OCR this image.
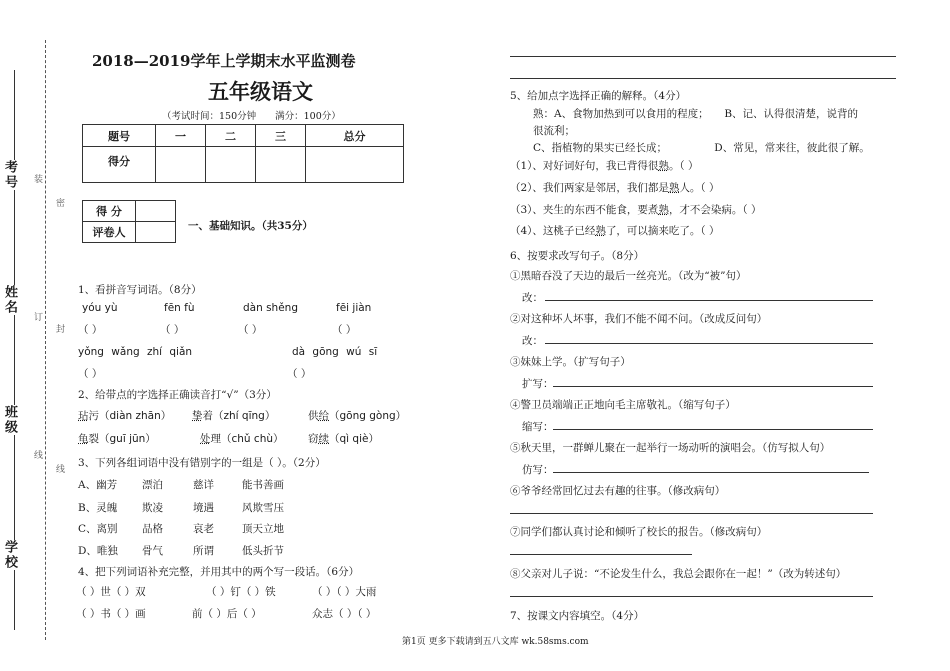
考号
姓名
班级
学校
装
密
订
封
线
线
2018—2019学年上学期末水平监测卷
五年级语文
（考试时间：150分钟　　满分：100分）
题号	一	二	三	总分
得分				
得 分	
评卷人		一、基础知识。（共35分）
1、看拼音写词语。（8分）
yóu yù	fēn fù	dàn shěng	fēi jiàn
（ ）	（ ）	（ ）	（ ）
yǒng wǎng zhí qiǎn	dà gōng wú sī
（ ）	（ ）
2、给带点的字选择正确读音打“√”（3分）
玷污（diàn zhān） 挚着（zhí qīng）	供给（gōng gòng）
龟裂（guī jūn）	处理（chǔ chù） 窃续（qì qiè）
3、下列各组词语中没有错别字的一组是（ ）。（2分）
A、幽芳 漂泊	慈详	能书善画
B、灵魄 欺凌	境遇	风欺雪压
C、离别 品格	哀老	顶天立地
D、唯独 骨气	所谓	低头折节
4、把下列词语补充完整，并用其中的两个写一段话。（6分）
（ ）世（ ）双	（ ）钉（ ）铁	（ ）（ ）大雨
（ ）书（ ）画	前（ ）后（ ）	众志（ ）（ ）
5、给加点字选择正确的解释。（4分）
熟：A、食物加热到可以食用的程度；　　B、记、认得很清楚，说背的
很流利；
C、指植物的果实已经长成；　　　　　D、常见，常来往，彼此很了解。
（1）、对好词好句，我已背得很熟。（ ）
（2）、我们两家是邻居，我们都是熟人。（ ）
（3）、夹生的东西不能食，要煮熟，才不会染病。（ ）
（4）、这桃子已经熟了，可以摘来吃了。（ ）
6、按要求改写句子。（8分）
①黑暗吞没了天边的最后一丝亮光。（改为“被”句）
改：
②对这种坏人坏事，我们不能不闻不问。（改成反问句）
改：
③妹妹上学。（扩写句子）
扩写：
④警卫员端端正正地向毛主席敬礼。（缩写句子）
缩写：
⑤秋天里，一群蝉儿聚在一起举行一场动听的演唱会。（仿写拟人句）
仿写：
⑥爷爷经常回忆过去有趣的往事。（修改病句）
⑦同学们都认真讨论和倾听了校长的报告。（修改病句）
⑧父亲对儿子说：“不论发生什么，我总会跟你在一起！”（改为转述句）
7、按课文内容填空。（4分）
第1页 更多下载请到五八文库 wk.58sms.com
